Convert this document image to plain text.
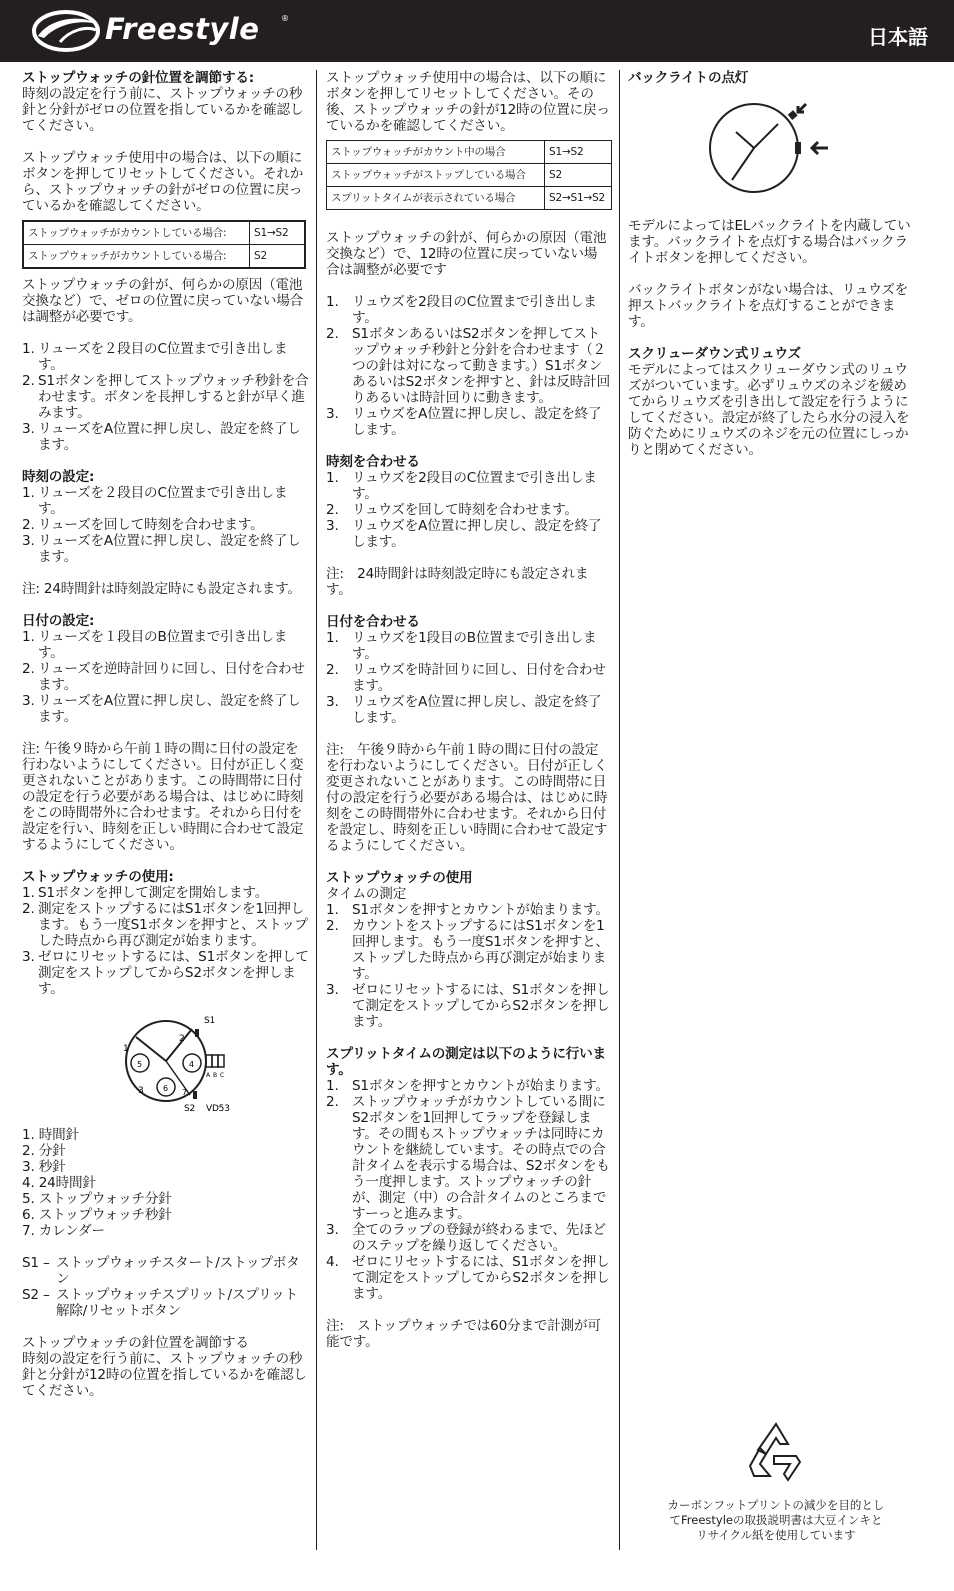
Freestyle	®
日本語
ストップウォッチの針位置を調節する:

時刻の設定を行う前に、ストップウォッチの秒針と分針がゼロの位置を指しているかを確認してください。

ストップウォッチ使用中の場合は、以下の順にボタンを押してリセットしてください。それから、ストップウォッチの針がゼロの位置に戻っているかを確認してください。

ストップウォッチがカウントしている場合:	S1→S2
ストップウォッチがカウントしている場合:	S2

ストップウォッチの針が、何らかの原因（電池交換など）で、ゼロの位置に戻っていない場合は調整が必要です。

1. リューズを２段目のC位置まで引き出します。
2. S1ボタンを押してストップウォッチ秒針を合わせます。ボタンを長押しすると針が早く進みます。
3. リューズをA位置に押し戻し、設定を終了します。
時刻の設定:
1. リューズを２段目のC位置まで引き出します。
2. リューズを回して時刻を合わせます。
3. リューズをA位置に押し戻し、設定を終了します。

注: 24時間針は時刻設定時にも設定されます。

日付の設定:
1. リューズを１段目のB位置まで引き出します。
2. リューズを逆時計回りに回し、日付を合わせます。
3. リューズをA位置に押し戻し、設定を終了します。

注: 午後９時から午前１時の間に日付の設定を行わないようにしてください。日付が正しく変更されないことがあります。この時間帯に日付の設定を行う必要がある場合は、はじめに時刻をこの時間帯外に合わせます。それから日付を設定を行い、時刻を正しい時間に合わせて設定するようにしてください。

ストップウォッチの使用:
1. S1ボタンを押して測定を開始します。
2. 測定をストップするにはS1ボタンを1回押します。もう一度S1ボタンを押すと、ストップした時点から再び測定が始まります。
3. ゼロにリセットするには、S1ボタンを押して測定をストップしてからS2ボタンを押します。
1
2
3
4
5
6 7
S1
S2 VD53
A B C
1. 時間針
2. 分針
3. 秒針
4. 24時間針
5. ストップウォッチ分針
6. ストップウォッチ秒針
7. カレンダー
S1 – ストップウォッチスタート/ストップボタン
S2 – ストップウォッチスプリット/スプリット解除/リセットボタン
ストップウォッチの針位置を調節する

時刻の設定を行う前に、ストップウォッチの秒針と分針が12時の位置を指しているかを確認してください。

ストップウォッチ使用中の場合は、以下の順にボタンを押してリセットしてください。その後、ストップウォッチの針が12時の位置に戻っているかを確認してください。

ストップウォッチがカウント中の場合	S1→S2
ストップウォッチがストップしている場合	S2
スプリットタイムが表示されている場合	S2→S1→S2

ストップウォッチの針が、何らかの原因（電池交換など）で、12時の位置に戻っていない場合は調整が必要です

1. リュウズを2段目のC位置まで引き出します。
2. S1ボタンあるいはS2ボタンを押してストップウォッチ秒針と分針を合わせます（２つの針は対になって動きます。）S1ボタンあるいはS2ボタンを押すと、針は反時計回りあるいは時計回りに動きます。
3. リュウズをA位置に押し戻し、設定を終了します。
時刻を合わせる
1. リュウズを2段目のC位置まで引き出します。
2. リュウズを回して時刻を合わせます。
3. リュウズをA位置に押し戻し、設定を終了します。

注:　24時間針は時刻設定時にも設定されます。

日付を合わせる
1. リュウズを1段目のB位置まで引き出します。
2. リュウズを時計回りに回し、日付を合わせます。
3. リュウズをA位置に押し戻し、設定を終了します。

注:　午後９時から午前１時の間に日付の設定を行わないようにしてください。日付が正しく変更されないことがあります。この時間帯に日付の設定を行う必要がある場合は、はじめに時刻をこの時間帯外に合わせます。それから日付を設定し、時刻を正しい時間に合わせて設定するようにしてください。

ストップウォッチの使用
タイムの測定
1. S1ボタンを押すとカウントが始まります。
2. カウントをストップするにはS1ボタンを1回押します。もう一度S1ボタンを押すと、ストップした時点から再び測定が始まります。
3. ゼロにリセットするには、S1ボタンを押して測定をストップしてからS2ボタンを押します。
スプリットタイムの測定は以下のように行います。
1. S1ボタンを押すとカウントが始まります。
2. ストップウォッチがカウントしている間にS2ボタンを1回押してラップを登録します。その間もストップウォッチは同時にカウントを継続しています。その時点での合計タイムを表示する場合は、S2ボタンをもう一度押します。ストップウォッチの針が、測定（中）の合計タイムのところまですーっと進みます。
3. 全てのラップの登録が終わるまで、先ほどのステップを繰り返してください。
4. ゼロにリセットするには、S1ボタンを押して測定をストップしてからS2ボタンを押します。

注:　ストップウォッチでは60分まで計測が可能です。

バックライトの点灯

モデルによってはELバックライトを内蔵しています。バックライトを点灯する場合はバックライトボタンを押してください。

バックライトボタンがない場合は、リュウズを押ストバックライトを点灯することができます。

スクリューダウン式リュウズ

モデルによってはスクリューダウン式のリュウズがついています。必ずリュウズのネジを緩めてからリュウズを引き出して設定を行うようにしてください。設定が終了したら水分の浸入を防ぐためにリュウズのネジを元の位置にしっかりと閉めてください。

カーボンフットプリントの減少を目的としてFreestyleの取扱説明書は大豆インキとリサイクル紙を使用しています
